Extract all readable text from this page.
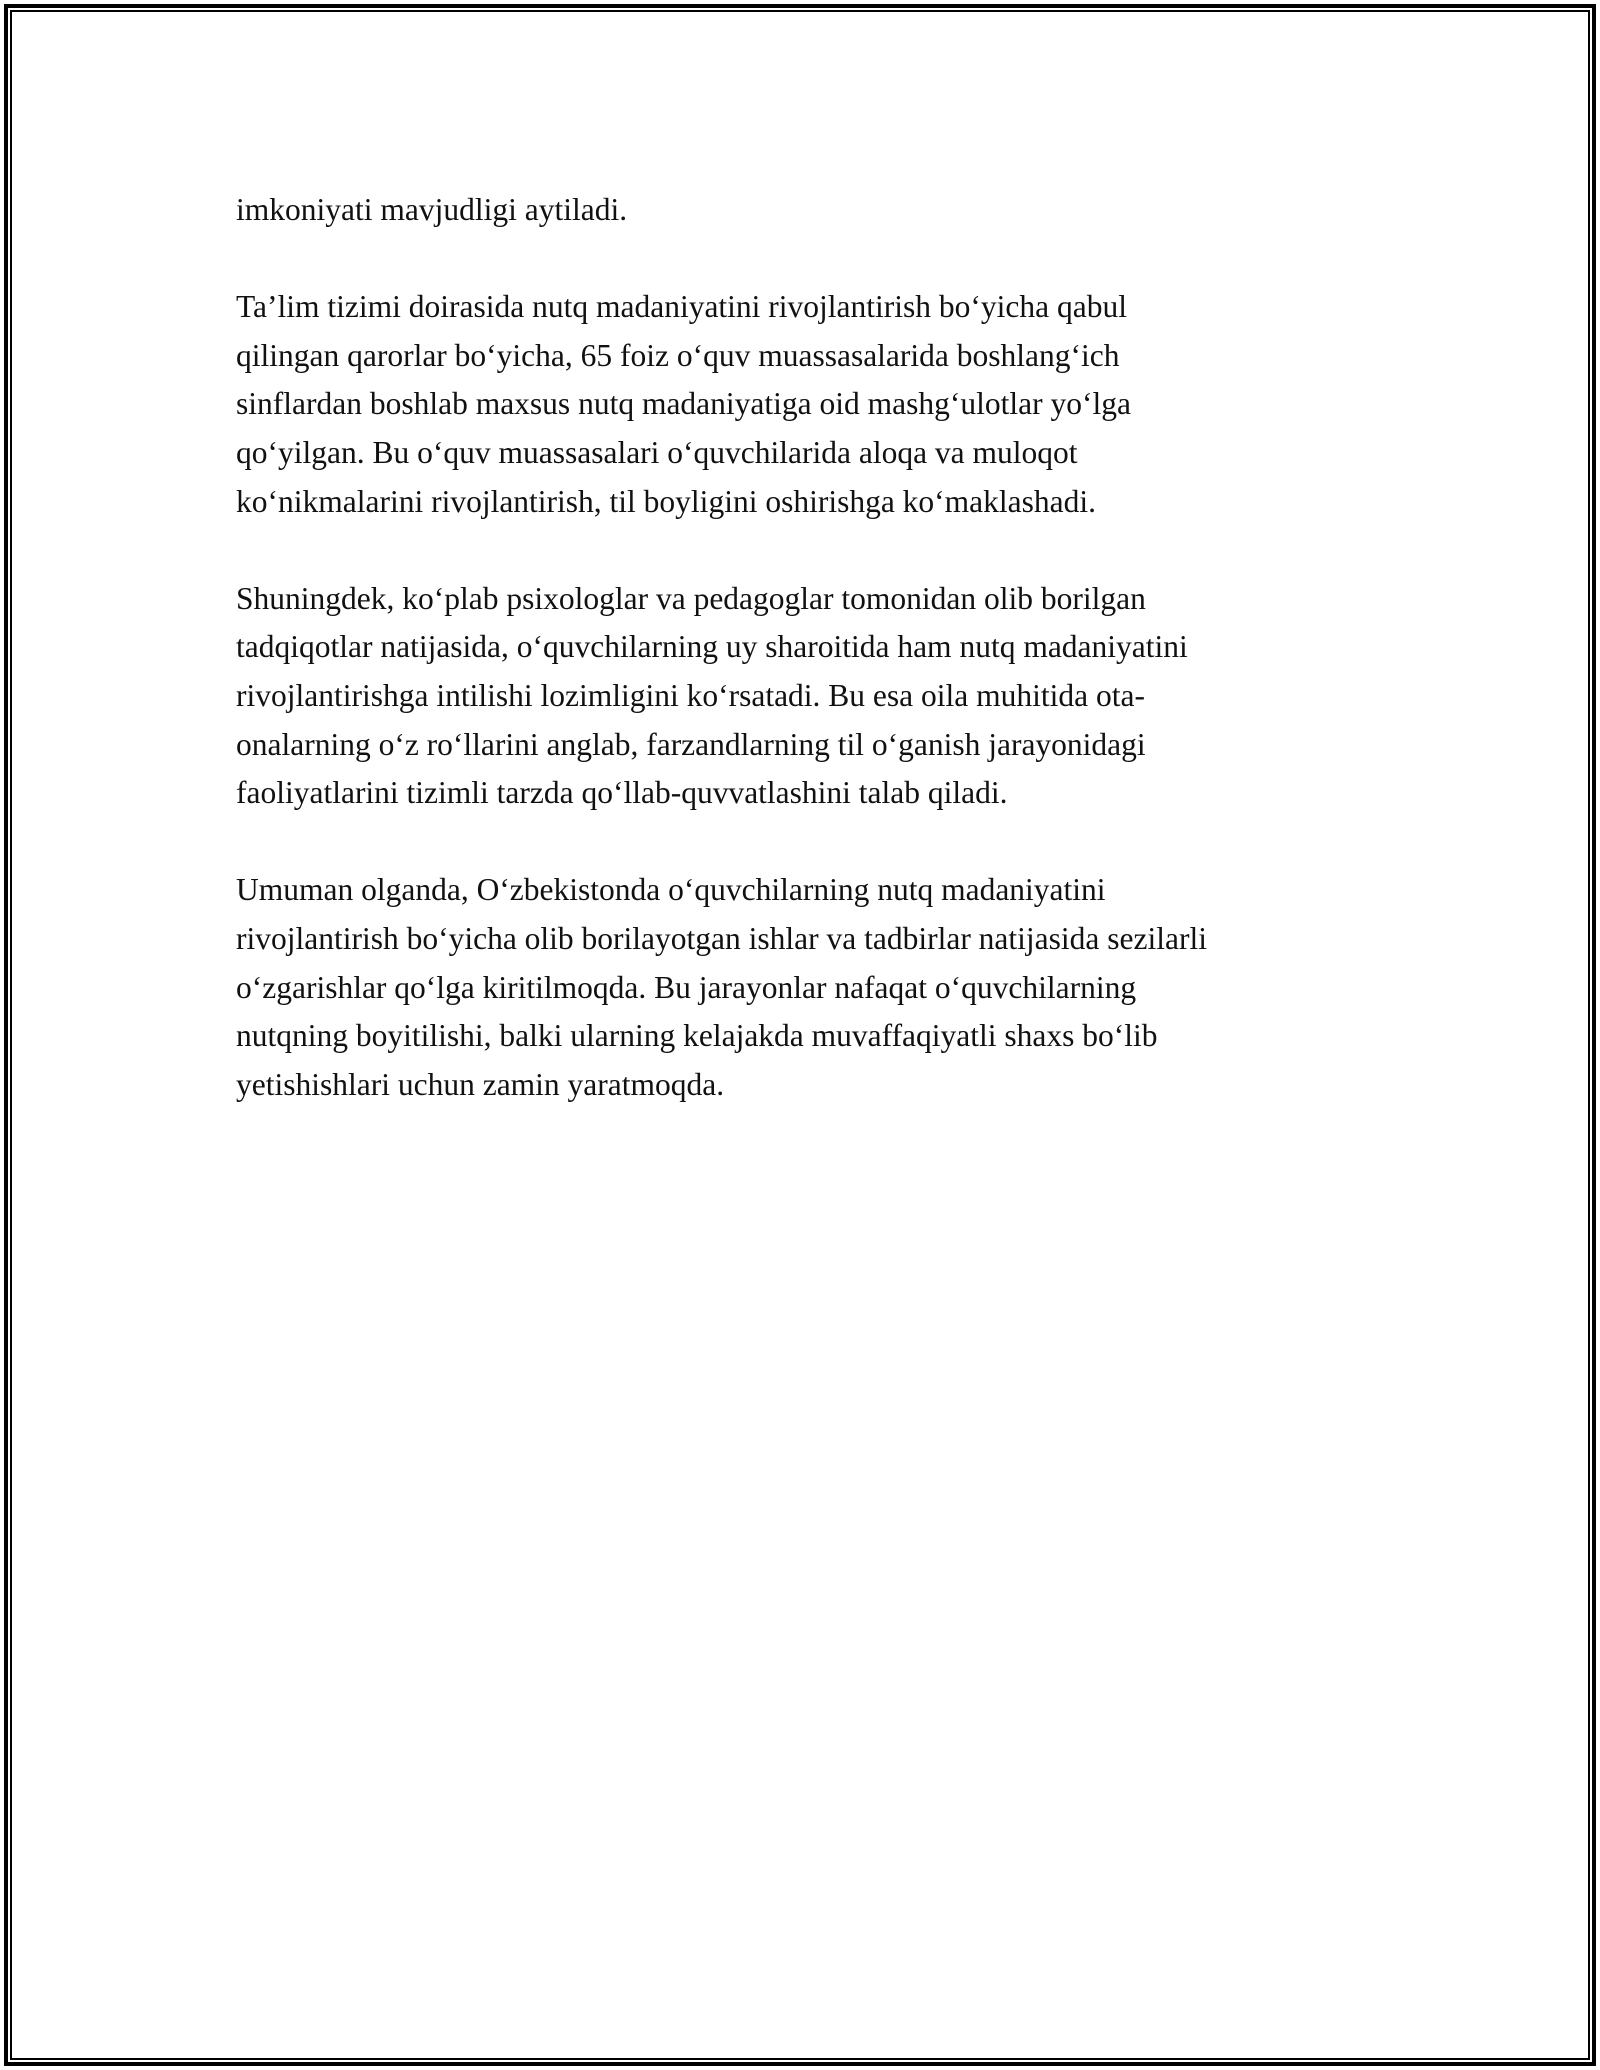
imkoniyati mavjudligi aytiladi.

Ta’lim tizimi doirasida nutq madaniyatini rivojlantirish bo‘yicha qabul
qilingan qarorlar bo‘yicha, 65 foiz o‘quv muassasalarida boshlang‘ich
sinflardan boshlab maxsus nutq madaniyatiga oid mashg‘ulotlar yo‘lga
qo‘yilgan. Bu o‘quv muassasalari o‘quvchilarida aloqa va muloqot
ko‘nikmalarini rivojlantirish, til boyligini oshirishga ko‘maklashadi.

Shuningdek, ko‘plab psixologlar va pedagoglar tomonidan olib borilgan
tadqiqotlar natijasida, o‘quvchilarning uy sharoitida ham nutq madaniyatini
rivojlantirishga intilishi lozimligini ko‘rsatadi. Bu esa oila muhitida ota-
onalarning o‘z ro‘llarini anglab, farzandlarning til o‘ganish jarayonidagi
faoliyatlarini tizimli tarzda qo‘llab-quvvatlashini talab qiladi.

Umuman olganda, O‘zbekistonda o‘quvchilarning nutq madaniyatini
rivojlantirish bo‘yicha olib borilayotgan ishlar va tadbirlar natijasida sezilarli
o‘zgarishlar qo‘lga kiritilmoqda. Bu jarayonlar nafaqat o‘quvchilarning
nutqning boyitilishi, balki ularning kelajakda muvaffaqiyatli shaxs bo‘lib
yetishishlari uchun zamin yaratmoqda.
